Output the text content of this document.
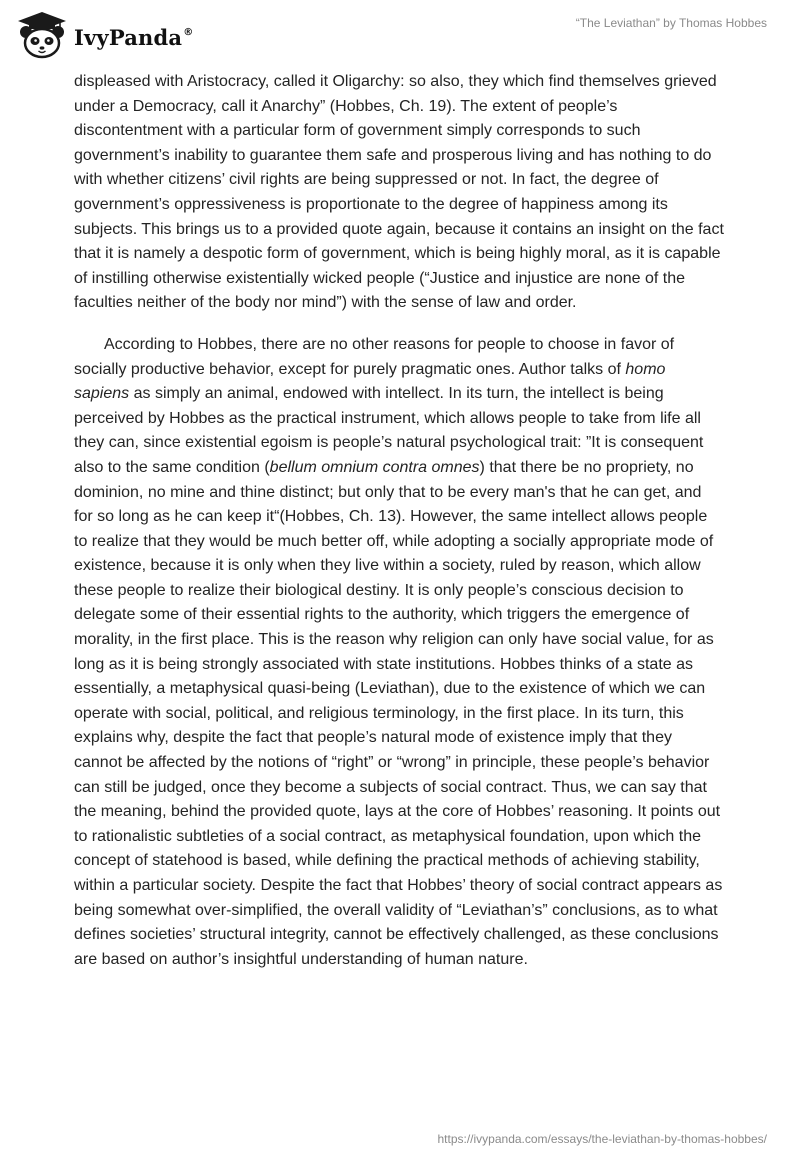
IvyPanda®
“The Leviathan” by Thomas Hobbes

displeased with Aristocracy, called it Oligarchy: so also, they which find themselves grieved under a Democracy, call it Anarchy” (Hobbes, Ch. 19). The extent of people’s discontentment with a particular form of government simply corresponds to such government’s inability to guarantee them safe and prosperous living and has nothing to do with whether citizens’ civil rights are being suppressed or not. In fact, the degree of government’s oppressiveness is proportionate to the degree of happiness among its subjects. This brings us to a provided quote again, because it contains an insight on the fact that it is namely a despotic form of government, which is being highly moral, as it is capable of instilling otherwise existentially wicked people (“Justice and injustice are none of the faculties neither of the body nor mind”) with the sense of law and order.

According to Hobbes, there are no other reasons for people to choose in favor of socially productive behavior, except for purely pragmatic ones. Author talks of homo sapiens as simply an animal, endowed with intellect. In its turn, the intellect is being perceived by Hobbes as the practical instrument, which allows people to take from life all they can, since existential egoism is people’s natural psychological trait: ”It is consequent also to the same condition (bellum omnium contra omnes) that there be no propriety, no dominion, no mine and thine distinct; but only that to be every man's that he can get, and for so long as he can keep it“(Hobbes, Ch. 13). However, the same intellect allows people to realize that they would be much better off, while adopting a socially appropriate mode of existence, because it is only when they live within a society, ruled by reason, which allow these people to realize their biological destiny. It is only people’s conscious decision to delegate some of their essential rights to the authority, which triggers the emergence of morality, in the first place. This is the reason why religion can only have social value, for as long as it is being strongly associated with state institutions. Hobbes thinks of a state as essentially, a metaphysical quasi-being (Leviathan), due to the existence of which we can operate with social, political, and religious terminology, in the first place. In its turn, this explains why, despite the fact that people’s natural mode of existence imply that they cannot be affected by the notions of “right” or “wrong” in principle, these people’s behavior can still be judged, once they become a subjects of social contract. Thus, we can say that the meaning, behind the provided quote, lays at the core of Hobbes’ reasoning. It points out to rationalistic subtleties of a social contract, as metaphysical foundation, upon which the concept of statehood is based, while defining the practical methods of achieving stability, within a particular society. Despite the fact that Hobbes’ theory of social contract appears as being somewhat over-simplified, the overall validity of “Leviathan’s” conclusions, as to what defines societies’ structural integrity, cannot be effectively challenged, as these conclusions are based on author’s insightful understanding of human nature.

https://ivypanda.com/essays/the-leviathan-by-thomas-hobbes/
